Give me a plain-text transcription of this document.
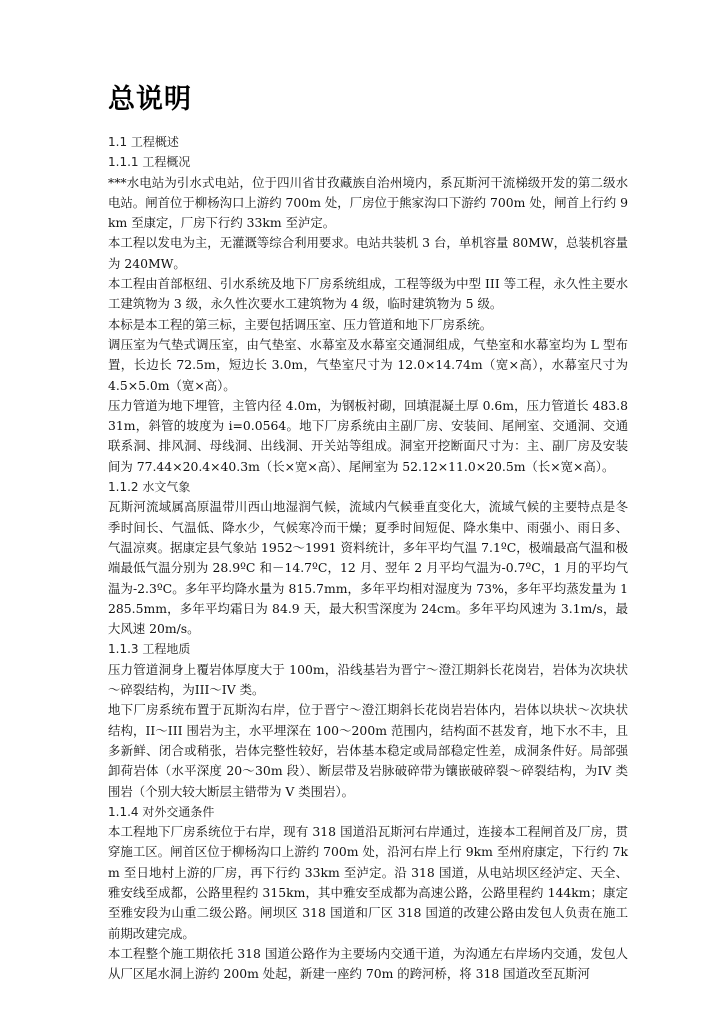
总说明

1.1 工程概述

1.1.1 工程概况

***水电站为引水式电站，位于四川省甘孜藏族自治州境内，系瓦斯河干流梯级开发的第二级水电站。闸首位于柳杨沟口上游约 700m 处，厂房位于熊家沟口下游约 700m 处，闸首上行约 9km 至康定，厂房下行约 33km 至泸定。

本工程以发电为主，无灌溉等综合利用要求。电站共装机 3 台，单机容量 80MW，总装机容量为 240MW。

本工程由首部枢纽、引水系统及地下厂房系统组成，工程等级为中型 III 等工程，永久性主要水工建筑物为 3 级，永久性次要水工建筑物为 4 级，临时建筑物为 5 级。

本标是本工程的第三标，主要包括调压室、压力管道和地下厂房系统。

调压室为气垫式调压室，由气垫室、水幕室及水幕室交通洞组成，气垫室和水幕室均为 L 型布置，长边长 72.5m，短边长 3.0m，气垫室尺寸为 12.0×14.74m（宽×高），水幕室尺寸为 4.5×5.0m（宽×高）。

压力管道为地下埋管，主管内径 4.0m，为钢板衬砌，回填混凝土厚 0.6m，压力管道长 483.831m，斜管的坡度为 i=0.0564。地下厂房系统由主副厂房、安装间、尾闸室、交通洞、交通联系洞、排风洞、母线洞、出线洞、开关站等组成。洞室开挖断面尺寸为：主、副厂房及安装间为 77.44×20.4×40.3m（长×宽×高）、尾闸室为 52.12×11.0×20.5m（长×宽×高）。

1.1.2 水文气象

瓦斯河流域属高原温带川西山地湿润气候，流域内气候垂直变化大，流域气候的主要特点是冬季时间长、气温低、降水少，气候寒冷而干燥；夏季时间短促、降水集中、雨强小、雨日多、气温凉爽。据康定县气象站 1952～1991 资料统计，多年平均气温 7.1ºC，极端最高气温和极端最低气温分别为 28.9ºC 和－14.7ºC，12 月、翌年 2 月平均气温为-0.7ºC，1 月的平均气温为-2.3ºC。多年平均降水量为 815.7mm，多年平均相对湿度为 73%，多年平均蒸发量为 1285.5mm，多年平均霜日为 84.9 天，最大积雪深度为 24cm。多年平均风速为 3.1m/s，最大风速 20m/s。

1.1.3 工程地质

压力管道洞身上覆岩体厚度大于 100m，沿线基岩为晋宁～澄江期斜长花岗岩，岩体为次块状～碎裂结构，为III～IV 类。

地下厂房系统布置于瓦斯沟右岸，位于晋宁～澄江期斜长花岗岩岩体内，岩体以块状～次块状结构，II～III 围岩为主，水平埋深在 100～200m 范围内，结构面不甚发育，地下水不丰，且多新鲜、闭合或稍张，岩体完整性较好，岩体基本稳定或局部稳定性差，成洞条件好。局部强卸荷岩体（水平深度 20～30m 段）、断层带及岩脉破碎带为镶嵌破碎裂～碎裂结构，为IV 类围岩（个别大较大断层主错带为 V 类围岩）。

1.1.4 对外交通条件

本工程地下厂房系统位于右岸，现有 318 国道沿瓦斯河右岸通过，连接本工程闸首及厂房，贯穿施工区。闸首区位于柳杨沟口上游约 700m 处，沿河右岸上行 9km 至州府康定，下行约 7km 至日地村上游的厂房，再下行约 33km 至泸定。沿 318 国道，从电站坝区经泸定、天全、雅安线至成都，公路里程约 315km，其中雅安至成都为高速公路，公路里程约 144km；康定至雅安段为山重二级公路。闸坝区 318 国道和厂区 318 国道的改建公路由发包人负责在施工前期改建完成。

本工程整个施工期依托 318 国道公路作为主要场内交通干道，为沟通左右岸场内交通，发包人从厂区尾水洞上游约 200m 处起，新建一座约 70m 的跨河桥，将 318 国道改至瓦斯河
